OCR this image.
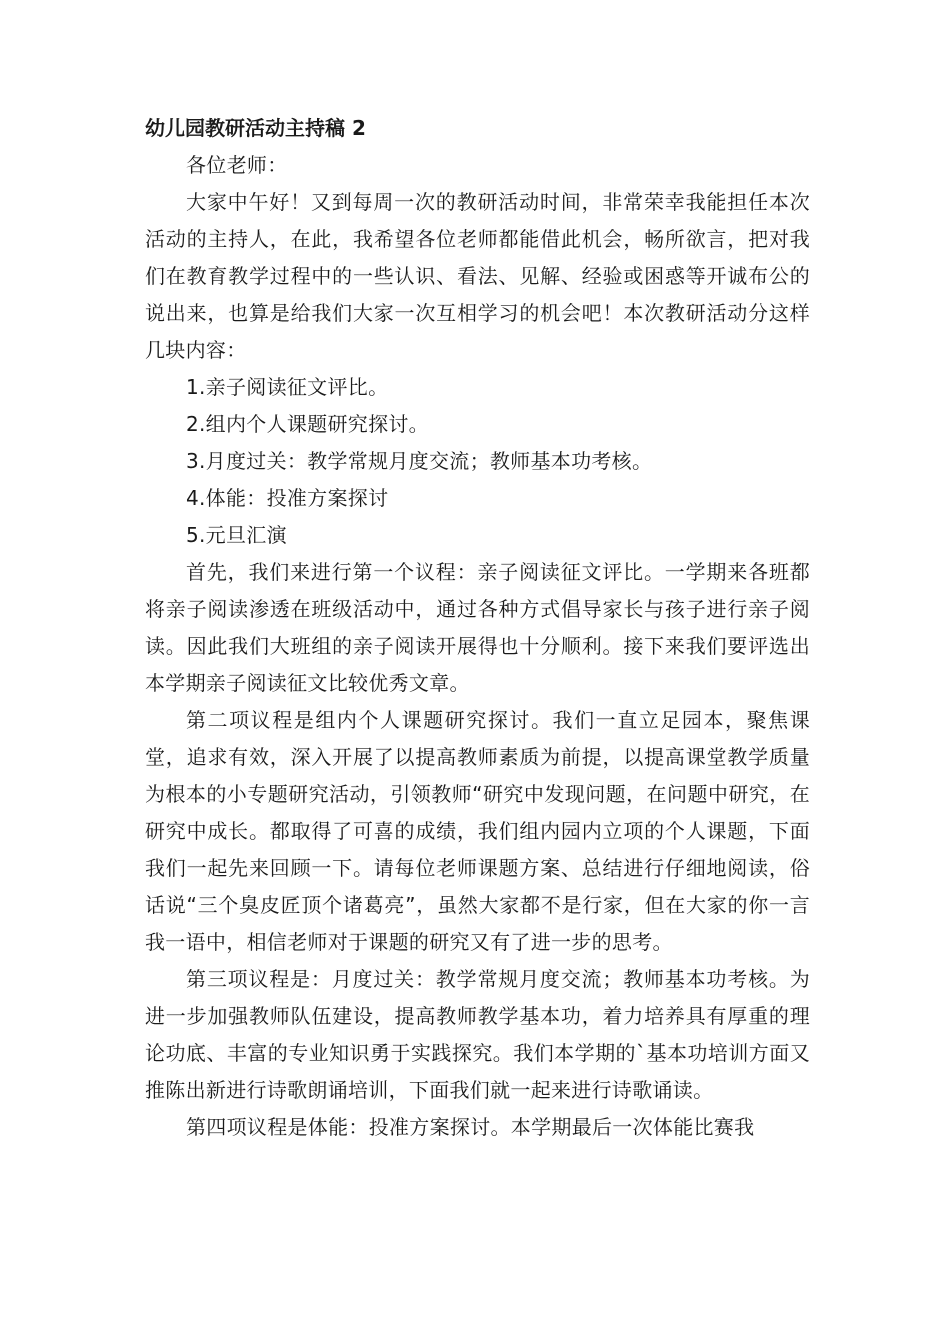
幼儿园教研活动主持稿 2

各位老师：

大家中午好！又到每周一次的教研活动时间，非常荣幸我能担任本次活动的主持人，在此，我希望各位老师都能借此机会，畅所欲言，把对我们在教育教学过程中的一些认识、看法、见解、经验或困惑等开诚布公的说出来，也算是给我们大家一次互相学习的机会吧！本次教研活动分这样几块内容：

1.亲子阅读征文评比。

2.组内个人课题研究探讨。

3.月度过关：教学常规月度交流；教师基本功考核。

4.体能：投准方案探讨

5.元旦汇演

首先，我们来进行第一个议程：亲子阅读征文评比。一学期来各班都将亲子阅读渗透在班级活动中，通过各种方式倡导家长与孩子进行亲子阅读。因此我们大班组的亲子阅读开展得也十分顺利。接下来我们要评选出本学期亲子阅读征文比较优秀文章。

第二项议程是组内个人课题研究探讨。我们一直立足园本，聚焦课堂，追求有效，深入开展了以提高教师素质为前提，以提高课堂教学质量为根本的小专题研究活动，引领教师“研究中发现问题，在问题中研究，在研究中成长。都取得了可喜的成绩，我们组内园内立项的个人课题，下面我们一起先来回顾一下。请每位老师课题方案、总结进行仔细地阅读，俗话说“三个臭皮匠顶个诸葛亮”，虽然大家都不是行家，但在大家的你一言我一语中，相信老师对于课题的研究又有了进一步的思考。

第三项议程是：月度过关：教学常规月度交流；教师基本功考核。为进一步加强教师队伍建设，提高教师教学基本功，着力培养具有厚重的理论功底、丰富的专业知识勇于实践探究。我们本学期的`基本功培训方面又推陈出新进行诗歌朗诵培训，下面我们就一起来进行诗歌诵读。

第四项议程是体能：投准方案探讨。本学期最后一次体能比赛我
